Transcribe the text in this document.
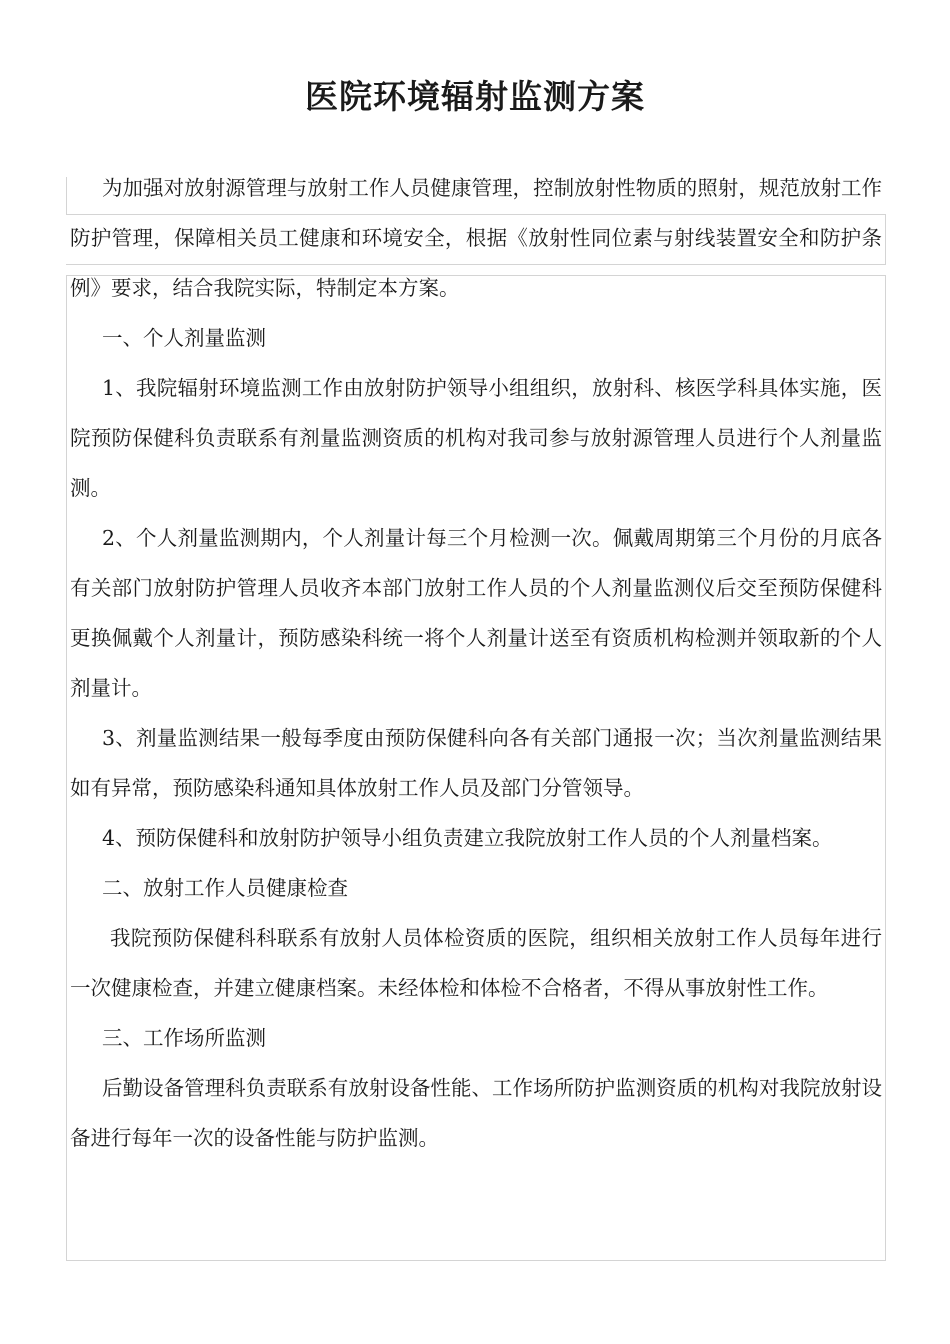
医院环境辐射监测方案

为加强对放射源管理与放射工作人员健康管理，控制放射性物质的照射，规范放射工作防护管理，保障相关员工健康和环境安全，根据《放射性同位素与射线装置安全和防护条例》要求，结合我院实际，特制定本方案。

一、个人剂量监测

1、我院辐射环境监测工作由放射防护领导小组组织，放射科、核医学科具体实施，医院预防保健科负责联系有剂量监测资质的机构对我司参与放射源管理人员进行个人剂量监测。

2、个人剂量监测期内，个人剂量计每三个月检测一次。佩戴周期第三个月份的月底各有关部门放射防护管理人员收齐本部门放射工作人员的个人剂量监测仪后交至预防保健科更换佩戴个人剂量计，预防感染科统一将个人剂量计送至有资质机构检测并领取新的个人剂量计。

3、剂量监测结果一般每季度由预防保健科向各有关部门通报一次；当次剂量监测结果如有异常，预防感染科通知具体放射工作人员及部门分管领导。

4、预防保健科和放射防护领导小组负责建立我院放射工作人员的个人剂量档案。

二、放射工作人员健康检查

我院预防保健科科联系有放射人员体检资质的医院，组织相关放射工作人员每年进行一次健康检查，并建立健康档案。未经体检和体检不合格者，不得从事放射性工作。

三、工作场所监测

后勤设备管理科负责联系有放射设备性能、工作场所防护监测资质的机构对我院放射设备进行每年一次的设备性能与防护监测。
